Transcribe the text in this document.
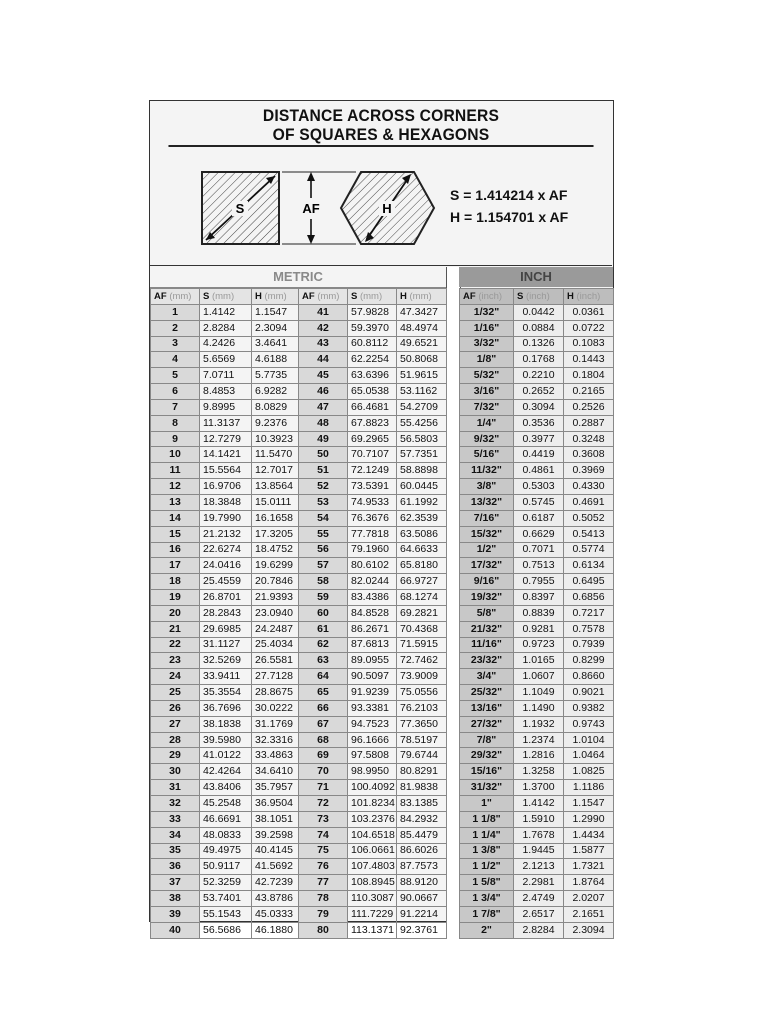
DISTANCE ACROSS CORNERS
OF SQUARES & HEXAGONS
S	AF	H
S = 1.414214 x AF
H = 1.154701 x AF
METRIC	INCH
AF (mm)	S (mm)	H (mm)	AF (mm)	S (mm)	H (mm)
1	1.4142	1.1547	41	57.9828	47.3427
2	2.8284	2.3094	42	59.3970	48.4974
3	4.2426	3.4641	43	60.8112	49.6521
4	5.6569	4.6188	44	62.2254	50.8068
5	7.0711	5.7735	45	63.6396	51.9615
6	8.4853	6.9282	46	65.0538	53.1162
7	9.8995	8.0829	47	66.4681	54.2709
8	11.3137	9.2376	48	67.8823	55.4256
9	12.7279	10.3923	49	69.2965	56.5803
10	14.1421	11.5470	50	70.7107	57.7351
11	15.5564	12.7017	51	72.1249	58.8898
12	16.9706	13.8564	52	73.5391	60.0445
13	18.3848	15.0111	53	74.9533	61.1992
14	19.7990	16.1658	54	76.3676	62.3539
15	21.2132	17.3205	55	77.7818	63.5086
16	22.6274	18.4752	56	79.1960	64.6633
17	24.0416	19.6299	57	80.6102	65.8180
18	25.4559	20.7846	58	82.0244	66.9727
19	26.8701	21.9393	59	83.4386	68.1274
20	28.2843	23.0940	60	84.8528	69.2821
21	29.6985	24.2487	61	86.2671	70.4368
22	31.1127	25.4034	62	87.6813	71.5915
23	32.5269	26.5581	63	89.0955	72.7462
24	33.9411	27.7128	64	90.5097	73.9009
25	35.3554	28.8675	65	91.9239	75.0556
26	36.7696	30.0222	66	93.3381	76.2103
27	38.1838	31.1769	67	94.7523	77.3650
28	39.5980	32.3316	68	96.1666	78.5197
29	41.0122	33.4863	69	97.5808	79.6744
30	42.4264	34.6410	70	98.9950	80.8291
31	43.8406	35.7957	71	100.4092	81.9838
32	45.2548	36.9504	72	101.8234	83.1385
33	46.6691	38.1051	73	103.2376	84.2932
34	48.0833	39.2598	74	104.6518	85.4479
35	49.4975	40.4145	75	106.0661	86.6026
36	50.9117	41.5692	76	107.4803	87.7573
37	52.3259	42.7239	77	108.8945	88.9120
38	53.7401	43.8786	78	110.3087	90.0667
39	55.1543	45.0333	79	111.7229	91.2214
40	56.5686	46.1880	80	113.1371	92.3761
AF (inch)	S (inch)	H (inch)
1/32"	0.0442	0.0361
1/16"	0.0884	0.0722
3/32"	0.1326	0.1083
1/8"	0.1768	0.1443
5/32"	0.2210	0.1804
3/16"	0.2652	0.2165
7/32"	0.3094	0.2526
1/4"	0.3536	0.2887
9/32"	0.3977	0.3248
5/16"	0.4419	0.3608
11/32"	0.4861	0.3969
3/8"	0.5303	0.4330
13/32"	0.5745	0.4691
7/16"	0.6187	0.5052
15/32"	0.6629	0.5413
1/2"	0.7071	0.5774
17/32"	0.7513	0.6134
9/16"	0.7955	0.6495
19/32"	0.8397	0.6856
5/8"	0.8839	0.7217
21/32"	0.9281	0.7578
11/16"	0.9723	0.7939
23/32"	1.0165	0.8299
3/4"	1.0607	0.8660
25/32"	1.1049	0.9021
13/16"	1.1490	0.9382
27/32"	1.1932	0.9743
7/8"	1.2374	1.0104
29/32"	1.2816	1.0464
15/16"	1.3258	1.0825
31/32"	1.3700	1.1186
1"	1.4142	1.1547
1 1/8"	1.5910	1.2990
1 1/4"	1.7678	1.4434
1 3/8"	1.9445	1.5877
1 1/2"	2.1213	1.7321
1 5/8"	2.2981	1.8764
1 3/4"	2.4749	2.0207
1 7/8"	2.6517	2.1651
2"	2.8284	2.3094
